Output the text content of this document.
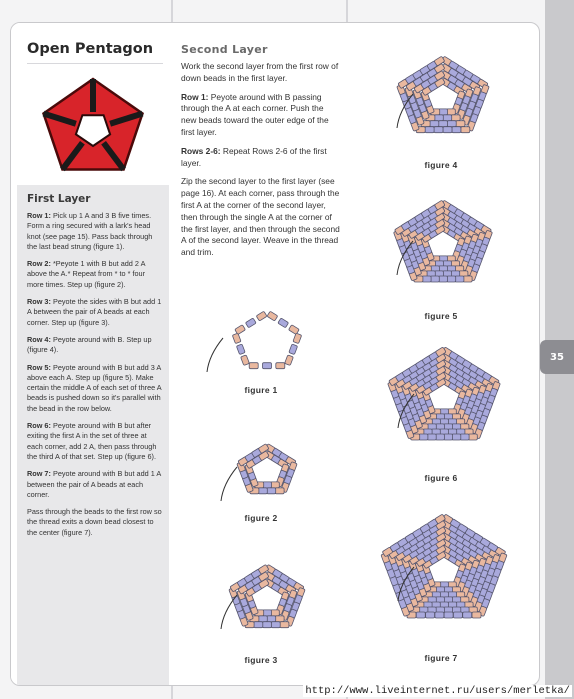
Open Pentagon
First Layer

Row 1: Pick up 1 A and 3 B five times. Form a ring secured with a lark's head knot (see page 15). Pass back through the last bead strung (figure 1).

Row 2: *Peyote 1 with B but add 2 A above the A.* Repeat from * to * four more times. Step up (figure 2).

Row 3: Peyote the sides with B but add 1 A between the pair of A beads at each corner. Step up (figure 3).

Row 4: Peyote around with B. Step up (figure 4).

Row 5: Peyote around with B but add 3 A above each A. Step up (figure 5). Make certain the middle A of each set of three A beads is pushed down so it's parallel with the bead in the row below.

Row 6: Peyote around with B but after exiting the first A in the set of three at each corner, add 2 A, then pass through the third A of that set. Step up (figure 6).

Row 7: Peyote around with B but add 1 A between the pair of A beads at each corner.

Pass through the beads to the first row so the thread exits a down bead closest to the center (figure 7).

Second Layer

Work the second layer from the first row of down beads in the first layer.

Row 1: Peyote around with B passing through the A at each corner. Push the new beads toward the outer edge of the first layer.

Rows 2-6: Repeat Rows 2-6 of the first layer.

Zip the second layer to the first layer (see page 16). At each corner, pass through the first A at the corner of the second layer, then through the single A at the corner of the first layer, and then through the second A of the second layer. Weave in the thread and trim.

figure 1
figure 2
figure 3
figure 4
figure 5
figure 6
figure 7
35
http://www.liveinternet.ru/users/merletka/
